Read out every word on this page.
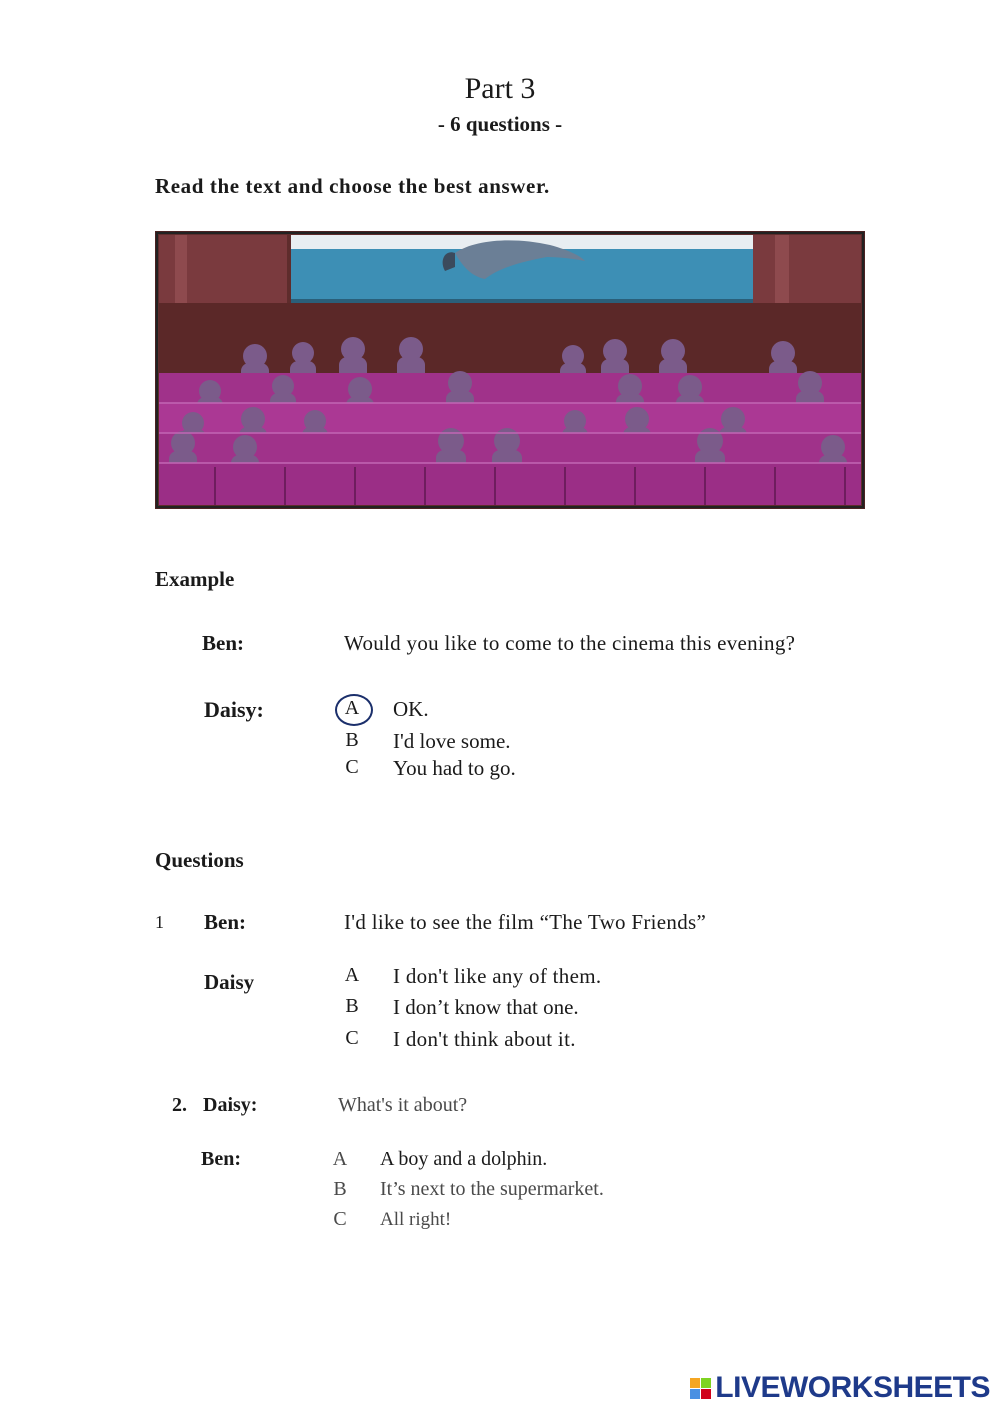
Part 3
- 6 questions -
Read the text and choose the best answer.
Example
Ben:	Would you like to come to the cinema this evening?
Daisy:	A	OK.
B	I'd love some.
C	You had to go.
Questions
1 Ben:	I'd like to see the film “The Two Friends”
Daisy	A	I don't like any of them.
B	I don’t know that one.
C	I don't think about it.
2. Daisy:	What's it about?
Ben:	A	A boy and a dolphin.
B	It’s next to the supermarket.
C	All right!
LIVEWORKSHEETS
